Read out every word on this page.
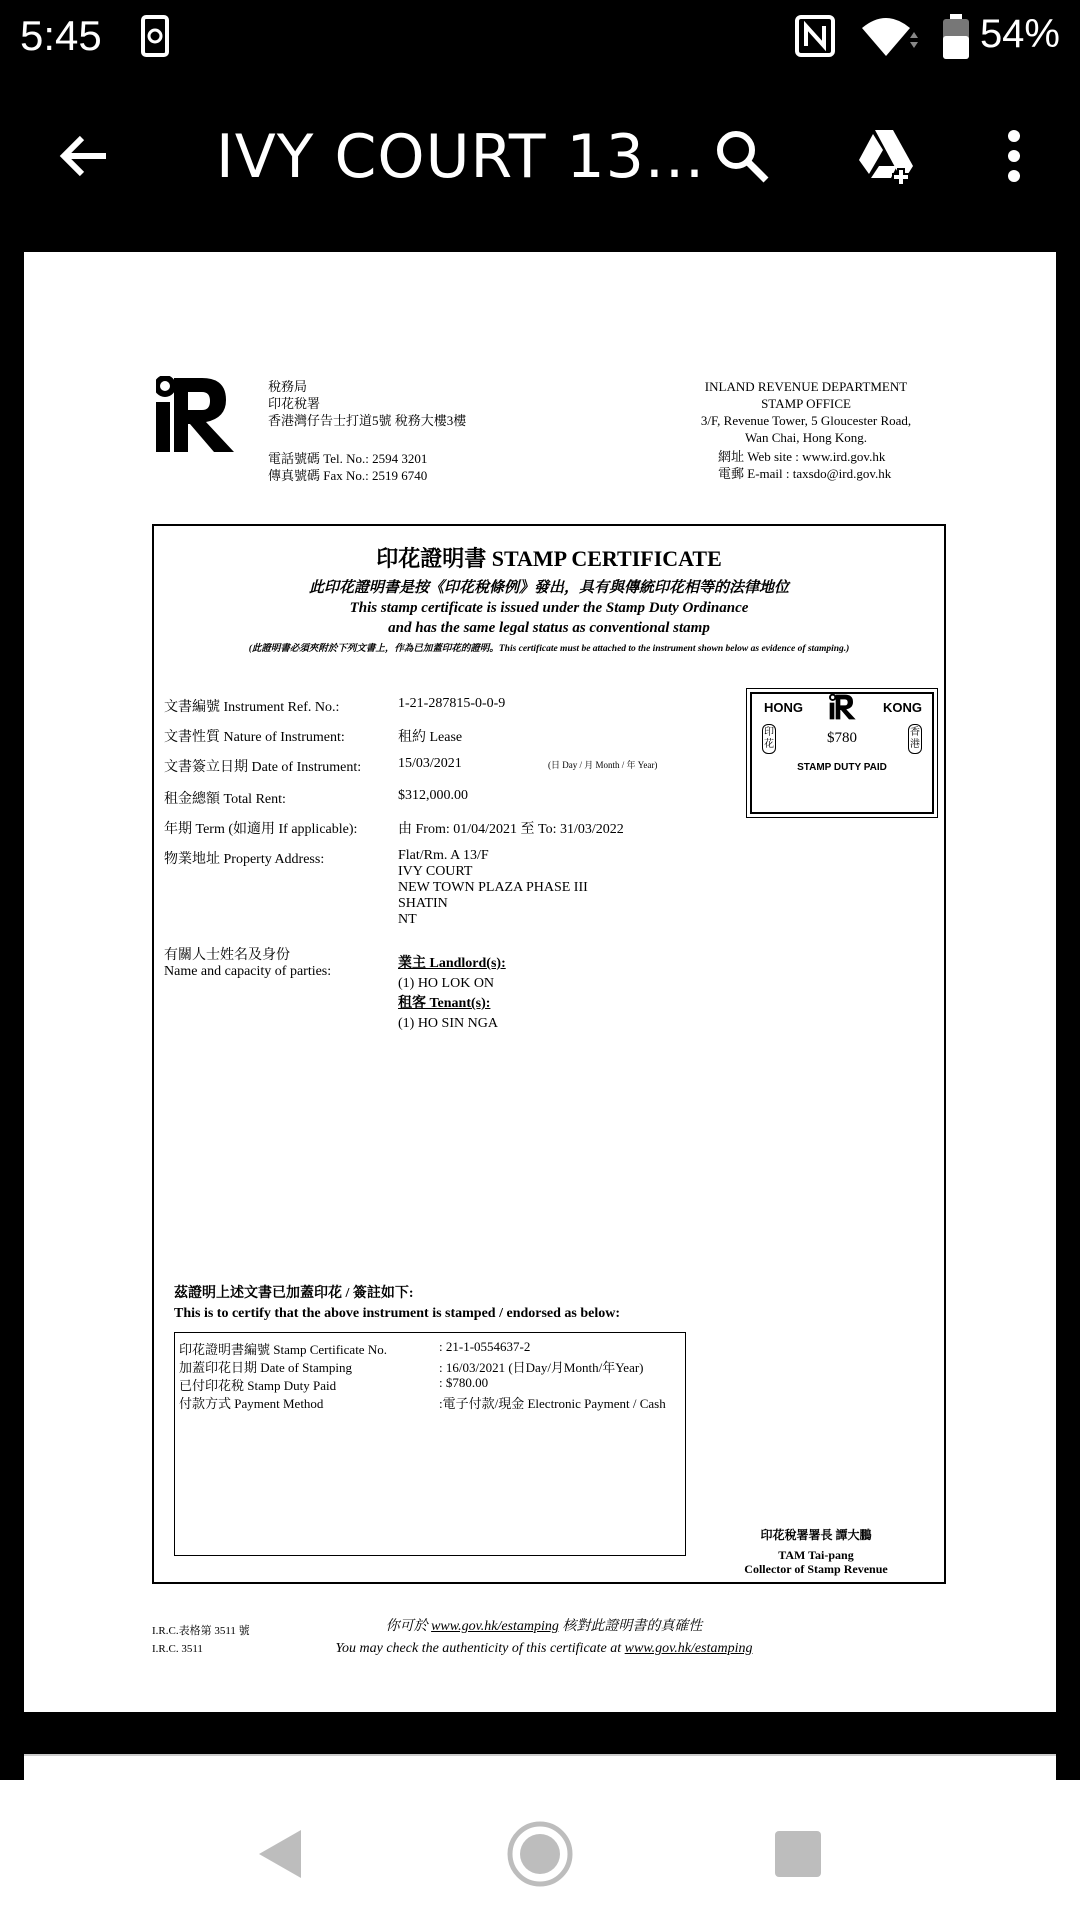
5:45	54%
IVY COURT 13...
稅務局
印花稅署
香港灣仔告士打道5號 稅務大樓3樓
電話號碼 Tel. No.: 2594 3201
傳真號碼 Fax No.: 2519 6740
INLAND REVENUE DEPARTMENT
STAMP OFFICE
3/F, Revenue Tower, 5 Gloucester Road,
Wan Chai, Hong Kong.
網址 Web site : www.ird.gov.hk
電郵 E-mail : taxsdo@ird.gov.hk
印花證明書 STAMP CERTIFICATE
此印花證明書是按《印花稅條例》發出，具有與傳統印花相等的法律地位
This stamp certificate is issued under the Stamp Duty Ordinance
and has the same legal status as conventional stamp
(此證明書必須夾附於下列文書上，作為已加蓋印花的證明。This certificate must be attached to the instrument shown below as evidence of stamping.)
文書編號 Instrument Ref. No.:	1-21-287815-0-0-9
文書性質 Nature of Instrument:	租約 Lease
文書簽立日期 Date of Instrument:	15/03/2021	(日 Day / 月 Month / 年 Year)
租金總額 Total Rent:	$312,000.00
年期 Term (如適用 If applicable):	由 From: 01/04/2021 至 To: 31/03/2022
物業地址 Property Address:	Flat/Rm. A 13/F
IVY COURT
NEW TOWN PLAZA PHASE III
SHATIN
NT
有關人士姓名及身份
Name and capacity of parties:
業主 Landlord(s):
(1) HO LOK ON
租客 Tenant(s):
(1) HO SIN NGA
HONG	KONG
印花
香港
$780
STAMP DUTY PAID
茲證明上述文書已加蓋印花 / 簽註如下:
This is to certify that the above instrument is stamped / endorsed as below:
印花證明書編號 Stamp Certificate No.	: 21-1-0554637-2
加蓋印花日期 Date of Stamping	: 16/03/2021 (日Day/月Month/年Year)
已付印花稅 Stamp Duty Paid	: $780.00
付款方式 Payment Method	:電子付款/現金 Electronic Payment / Cash
印花稅署署長 譚大鵬
TAM Tai-pang
Collector of Stamp Revenue
I.R.C.表格第 3511 號
I.R.C. 3511
你可於 www.gov.hk/estamping 核對此證明書的真確性
You may check the authenticity of this certificate at www.gov.hk/estamping
